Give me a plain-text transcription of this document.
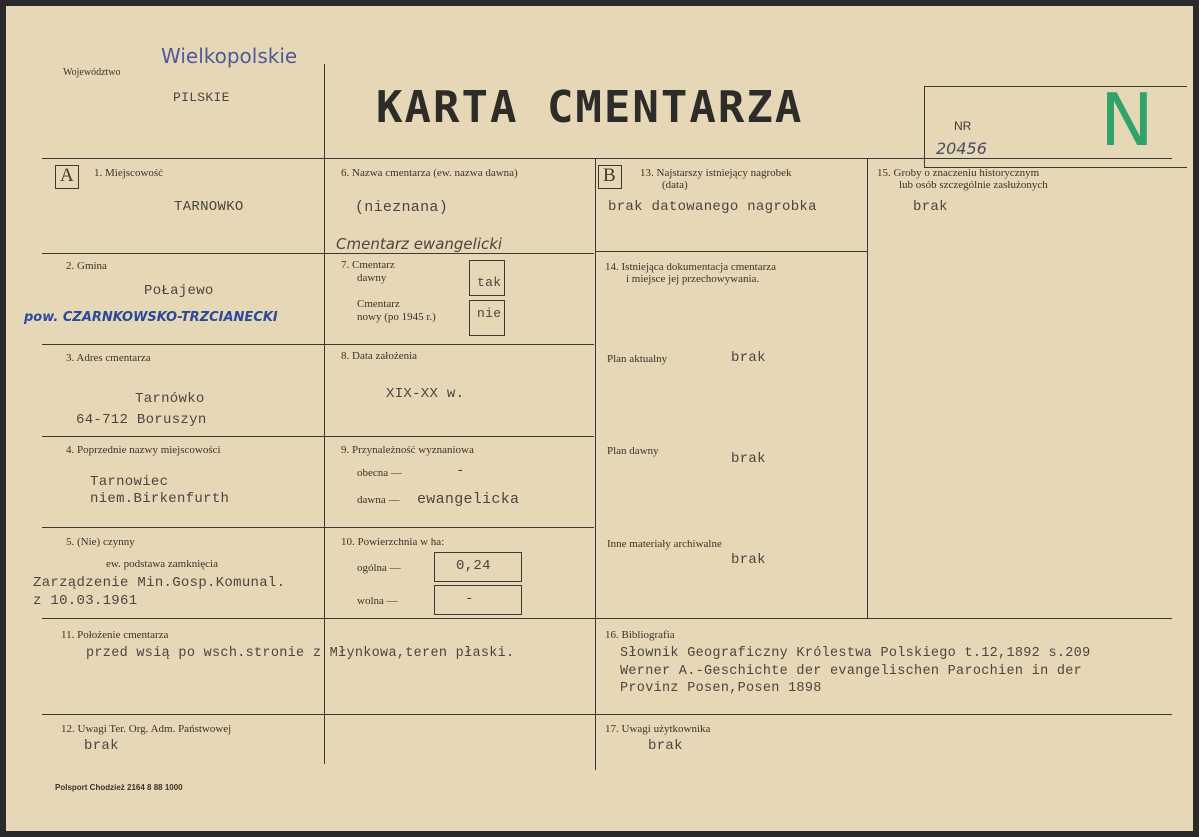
Wielkopolskie
Województwo
PILSKIE	KARTA CMENTARZA	NR
20456 N
A 1. Miejscowość
TARNOWKO
2. Gmina
PoŁajewo
pow. CZARNKOWSKO-TRZCIANECKI
3. Adres cmentarza
Tarnówko
64-712 Boruszyn
4. Poprzednie nazwy miejscowości
Tarnowiec
niem.Birkenfurth
5. (Nie) czynny
ew. podstawa zamknięcia
Zarządzenie Min.Gosp.Komunal.
z 10.03.1961
6. Nazwa cmentarza (ew. nazwa dawna)
(nieznana)
Cmentarz ewangelicki
7. Cmentarz
dawny	tak
Cmentarz
nowy (po 1945 r.)	nie
8. Data założenia
XIX-XX w.
9. Przynależność wyznaniowa
obecna —	-
dawna — ewangelicka
10. Powierzchnia w ha:
ogólna —	0,24
wolna —	-
B 13. Najstarszy istniejący nagrobek
(data)
brak datowanego nagrobka
14. Istniejąca dokumentacja cmentarza
i miejsce jej przechowywania.
Plan aktualny	brak
Plan dawny	brak
Inne materiały archiwalne
brak
15. Groby o znaczeniu historycznym
lub osób szczególnie zasłużonych
brak
11. Położenie cmentarza
przed wsią po wsch.stronie z Młynkowa,teren płaski.
16. Bibliografia
Słownik Geograficzny Królestwa Polskiego t.12,1892 s.209
Werner A.-Geschichte der evangelischen Parochien in der
Provinz Posen,Posen 1898
12. Uwagi Ter. Org. Adm. Państwowej
brak
17. Uwagi użytkownika
brak
Polsport Chodzież 2164 8 88 1000
